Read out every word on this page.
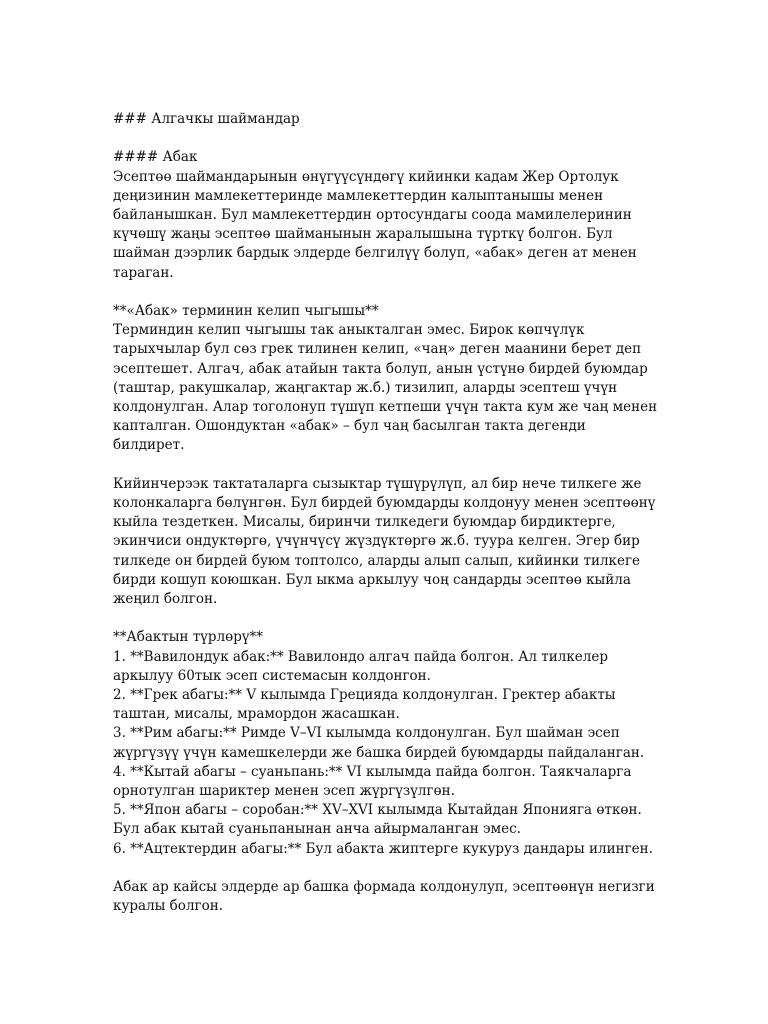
### Алгачкы шаймандар

#### Абак

Эсептөө шаймандарынын өнүгүүсүндөгү кийинки кадам Жер Ортолук деңизинин мамлекеттеринде мамлекеттердин калыптанышы менен байланышкан. Бул мамлекеттердин ортосундагы соода мамилелеринин күчөшү жаңы эсептөө шайманынын жаралышына түрткү болгон. Бул шайман дээрлик бардык элдерде белгилүү болуп, «абак» деген ат менен тараган.

**«Абак» терминин келип чыгышы**

Терминдин келип чыгышы так аныкталган эмес. Бирок көпчүлүк тарыхчылар бул сөз грек тилинен келип, «чаң» деген маанини берет деп эсептешет. Алгач, абак атайын такта болуп, анын үстүнө бирдей буюмдар (таштар, ракушкалар, жаңгактар ж.б.) тизилип, аларды эсептеш үчүн колдонулган. Алар тоголонуп түшүп кетпеши үчүн такта кум же чаң менен капталган. Ошондуктан «абак» – бул чаң басылган такта дегенди билдирет.

Кийинчерээк тактаталарга сызыктар түшүрүлүп, ал бир нече тилкеге же колонкаларга бөлүнгөн. Бул бирдей буюмдарды колдонуу менен эсептөөнү кыйла тездеткен. Мисалы, биринчи тилкедеги буюмдар бирдиктерге, экинчиси ондуктөргө, үчүнчүсү жүздүктөргө ж.б. туура келген. Эгер бир тилкеде он бирдей буюм топтолсо, аларды алып салып, кийинки тилкеге бирди кошуп коюшкан. Бул ыкма аркылуу чоң сандарды эсептөө кыйла жеңил болгон.

**Абактын түрлөрү**

1. **Вавилондук абак:** Вавилондо алгач пайда болгон. Ал тилкелер аркылуу 60тык эсеп системасын колдонгон.

2. **Грек абагы:** V кылымда Грецияда колдонулган. Гректер абакты таштан, мисалы, мрамордон жасашкан.

3. **Рим абагы:** Римде V–VI кылымда колдонулган. Бул шайман эсеп жүргүзүү үчүн камешкелерди же башка бирдей буюмдарды пайдаланган.

4. **Кытай абагы – суаньпань:** VI кылымда пайда болгон. Таякчаларга орнотулган шариктер менен эсеп жүргүзүлгөн.

5. **Япон абагы – соробан:** XV–XVI кылымда Кытайдан Японияга өткөн. Бул абак кытай суаньпанынан анча айырмаланган эмес.

6. **Ацтектердин абагы:** Бул абакта жиптерге кукуруз дандары илинген.

Абак ар кайсы элдерде ар башка формада колдонулуп, эсептөөнүн негизги куралы болгон.
